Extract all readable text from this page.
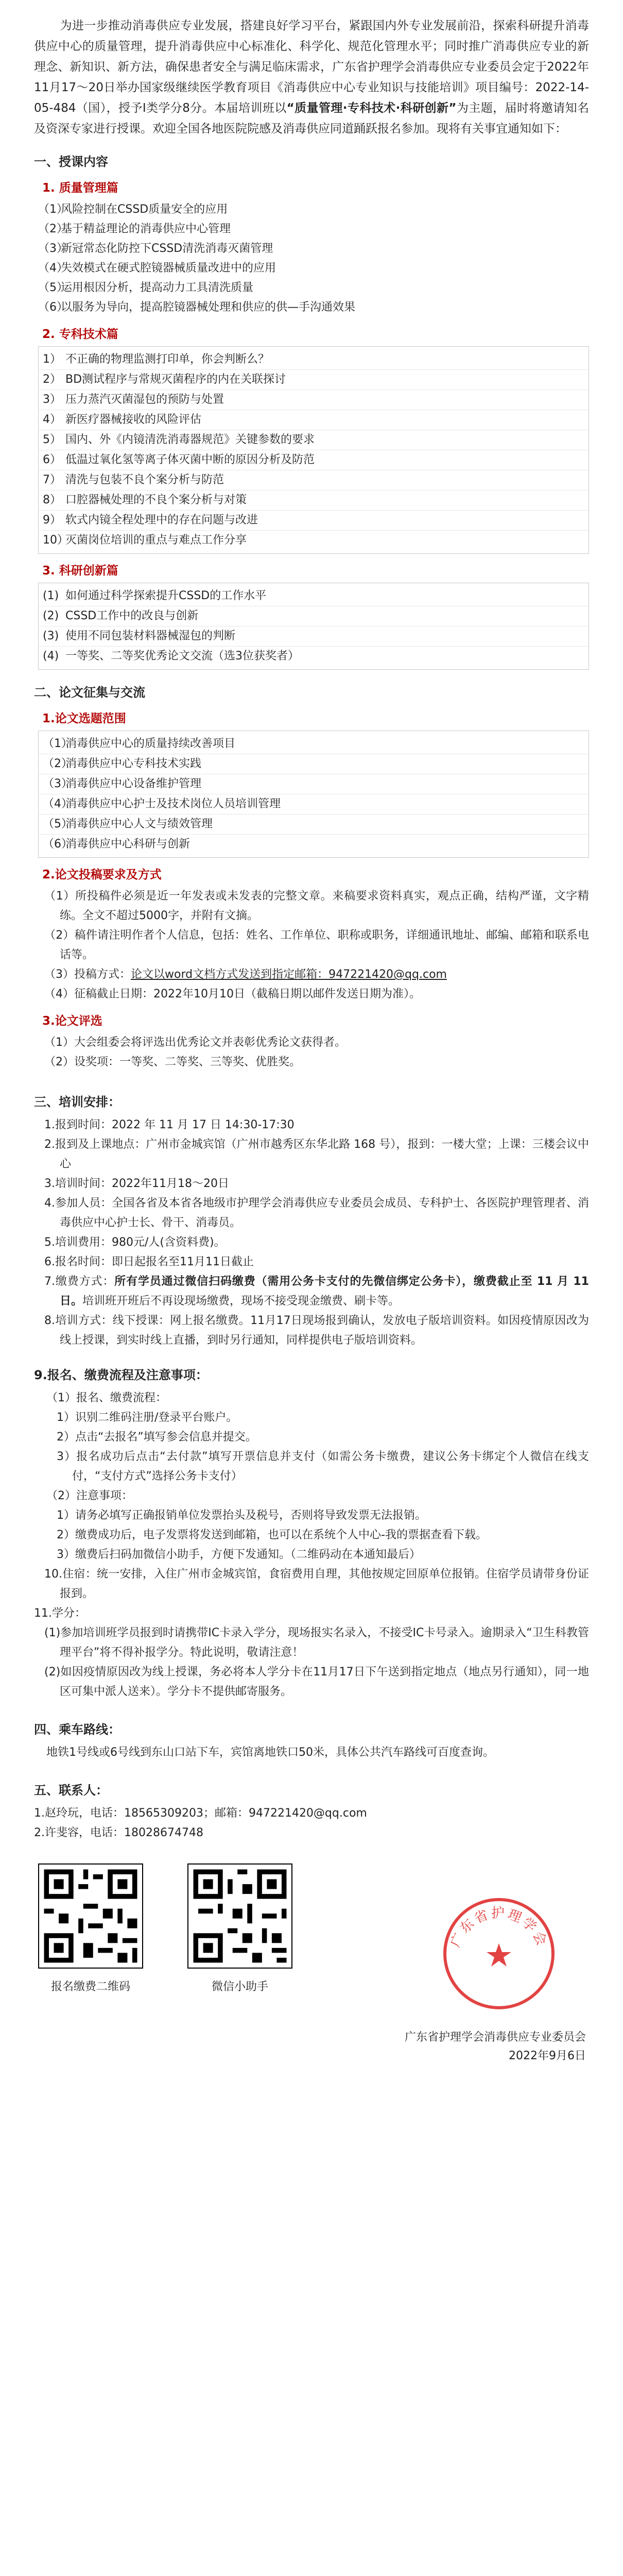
为进一步推动消毒供应专业发展，搭建良好学习平台，紧跟国内外专业发展前沿，探索科研提升消毒供应中心的质量管理，提升消毒供应中心标准化、科学化、规范化管理水平；同时推广消毒供应专业的新理念、新知识、新方法，确保患者安全与满足临床需求，广东省护理学会消毒供应专业委员会定于2022年11月17～20日举办国家级继续医学教育项目《消毒供应中心专业知识与技能培训》项目编号：2022-14-05-484（国），授予I类学分8分。本届培训班以“质量管理·专科技术·科研创新”为主题，届时将邀请知名及资深专家进行授课。欢迎全国各地医院院感及消毒供应同道踊跃报名参加。现将有关事宜通知如下：

一、授课内容
1. 质量管理篇
（1）
风险控制在CSSD质量安全的应用
（2）
基于精益理论的消毒供应中心管理
（3）
新冠常态化防控下CSSD清洗消毒灭菌管理
（4）
失效模式在硬式腔镜器械质量改进中的应用
（5）
运用根因分析，提高动力工具清洗质量
（6）
以服务为导向，提高腔镜器械处理和供应的供—手沟通效果
2. 专科技术篇
1） 不正确的物理监测打印单，你会判断么？
2） BD测试程序与常规灭菌程序的内在关联探讨
3） 压力蒸汽灭菌湿包的预防与处置
4） 新医疗器械接收的风险评估
5） 国内、外《内镜清洗消毒器规范》关键参数的要求
6） 低温过氧化氢等离子体灭菌中断的原因分析及防范
7） 清洗与包装不良个案分析与防范
8） 口腔器械处理的不良个案分析与对策
9） 软式内镜全程处理中的存在问题与改进
10）
灭菌岗位培训的重点与难点工作分享
3. 科研创新篇
(1) 如何通过科学探索提升CSSD的工作水平
(2) CSSD工作中的改良与创新
(3) 使用不同包装材料器械湿包的判断
(4) 一等奖、二等奖优秀论文交流（选3位获奖者）
二、论文征集与交流
1.论文选题范围
（1）
消毒供应中心的质量持续改善项目
（2）
消毒供应中心专科技术实践
（3）
消毒供应中心设备维护管理
（4）
消毒供应中心护士及技术岗位人员培训管理
（5）
消毒供应中心人文与绩效管理
（6）
消毒供应中心科研与创新
2.论文投稿要求及方式

（1）所投稿件必须是近一年发表或未发表的完整文章。来稿要求资料真实，观点正确，结构严谨，文字精练。全文不超过5000字，并附有文摘。

（2）稿件请注明作者个人信息，包括：姓名、工作单位、职称或职务，详细通讯地址、邮编、邮箱和联系电话等。

（3）投稿方式：论文以word文档方式发送到指定邮箱：947221420@qq.com

（4）征稿截止日期：2022年10月10日（截稿日期以邮件发送日期为准）。

3.论文评选

（1）大会组委会将评选出优秀论文并表彰优秀论文获得者。

（2）设奖项：一等奖、二等奖、三等奖、优胜奖。

三、培训安排：

1.报到时间：2022 年 11 月 17 日 14:30-17:30

2.报到及上课地点：广州市金城宾馆（广州市越秀区东华北路 168 号），报到：一楼大堂；上课：三楼会议中心

3.培训时间：2022年11月18～20日

4.参加人员：全国各省及本省各地级市护理学会消毒供应专业委员会成员、专科护士、各医院护理管理者、消毒供应中心护士长、骨干、消毒员。

5.培训费用：980元/人(含资料费)。

6.报名时间：即日起报名至11月11日截止

7.缴费方式：所有学员通过微信扫码缴费（需用公务卡支付的先微信绑定公务卡），缴费截止至 11 月 11 日。培训班开班后不再设现场缴费，现场不接受现金缴费、刷卡等。

8.培训方式：线下授课：网上报名缴费。11月17日现场报到确认，发放电子版培训资料。如因疫情原因改为线上授课，到实时线上直播，到时另行通知，同样提供电子版培训资料。

9.报名、缴费流程及注意事项：

（1）报名、缴费流程：

1）识别二维码注册/登录平台账户。

2）点击“去报名”填写参会信息并提交。

3）报名成功后点击“去付款”填写开票信息并支付（如需公务卡缴费，建议公务卡绑定个人微信在线支付，“支付方式”选择公务卡支付）

（2）注意事项：

1）请务必填写正确报销单位发票抬头及税号，否则将导致发票无法报销。

2）缴费成功后，电子发票将发送到邮箱，也可以在系统个人中心-我的票据查看下载。

3）缴费后扫码加微信小助手，方便下发通知。（二维码动在本通知最后）

10.住宿：统一安排，入住广州市金城宾馆，食宿费用自理，其他按规定回原单位报销。住宿学员请带身份证报到。

11.学分：

(1)参加培训班学员报到时请携带IC卡录入学分，现场报实名录入，不接受IC卡号录入。逾期录入“卫生科教管理平台”将不得补报学分。特此说明，敬请注意！

(2)如因疫情原因改为线上授课，务必将本人学分卡在11月17日下午送到指定地点（地点另行通知），同一地区可集中派人送来）。学分卡不提供邮寄服务。

四、乘车路线：

地铁1号线或6号线到东山口站下车，宾馆离地铁口50米，具体公共汽车路线可百度查询。

五、联系人：

1.赵玲玩，电话：18565309203；邮箱：947221420@qq.com

2.许斐容，电话：18028674748

报名缴费二维码	微信小助手
广东省护理学会
广东省护理学会消毒供应专业委员会
2022年9月6日
